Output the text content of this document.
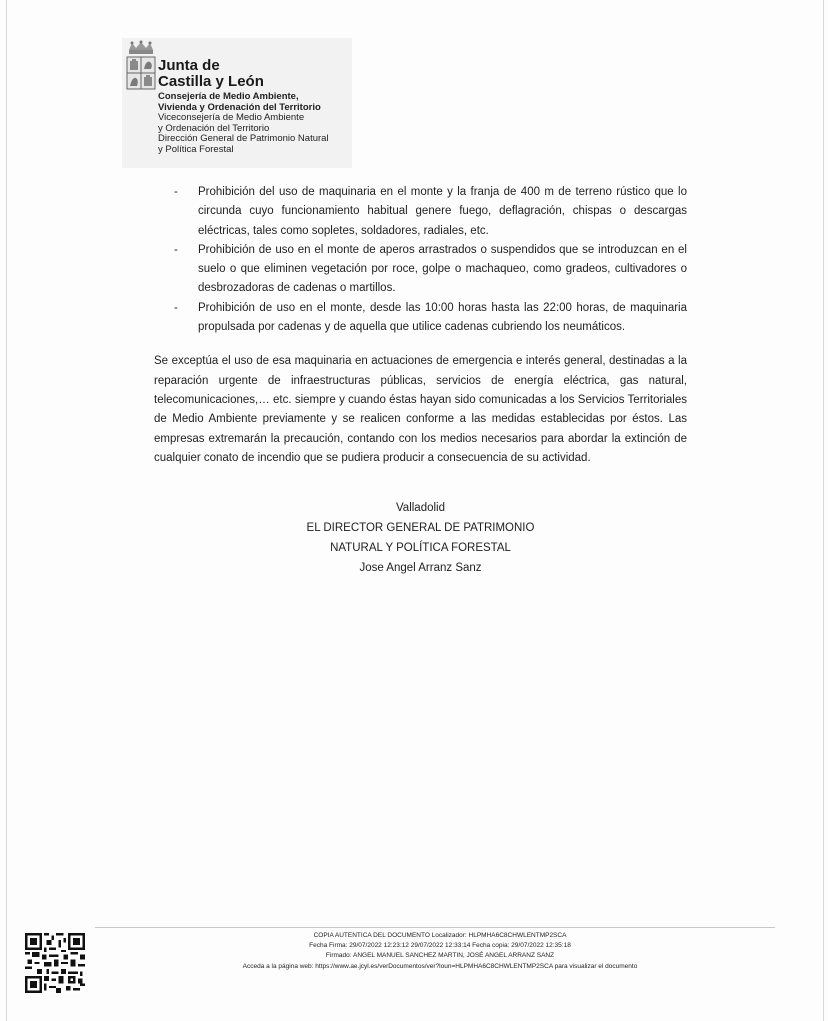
Junta de
Castilla y León
Consejería de Medio Ambiente,
Vivienda y Ordenación del Territorio
Viceconsejería de Medio Ambiente
y Ordenación del Territorio
Dirección General de Patrimonio Natural
y Política Forestal
- Prohibición del uso de maquinaria en el monte y la franja de 400 m de terreno rústico que lo circunda cuyo funcionamiento habitual genere fuego, deflagración, chispas o descargas eléctricas, tales como sopletes, soldadores, radiales, etc.
- Prohibición de uso en el monte de aperos arrastrados o suspendidos que se introduzcan en el suelo o que eliminen vegetación por roce, golpe o machaqueo, como gradeos, cultivadores o desbrozadoras de cadenas o martillos.
- Prohibición de uso en el monte, desde las 10:00 horas hasta las 22:00 horas, de maquinaria propulsada por cadenas y de aquella que utilice cadenas cubriendo los neumáticos.

Se exceptúa el uso de esa maquinaria en actuaciones de emergencia e interés general, destinadas a la reparación urgente de infraestructuras públicas, servicios de energía eléctrica, gas natural, telecomunicaciones,… etc. siempre y cuando éstas hayan sido comunicadas a los Servicios Territoriales de Medio Ambiente previamente y se realicen conforme a las medidas establecidas por éstos. Las empresas extremarán la precaución, contando con los medios necesarios para abordar la extinción de cualquier conato de incendio que se pudiera producir a consecuencia de su actividad.

Valladolid
EL DIRECTOR GENERAL DE PATRIMONIO
NATURAL Y POLÍTICA FORESTAL
Jose Angel Arranz Sanz
COPIA AUTENTICA DEL DOCUMENTO Localizador: HLPMHA6C8CHWLENTMP2SCA
Fecha Firma: 29/07/2022 12:23:12 29/07/2022 12:33:14 Fecha copia: 29/07/2022 12:35:18
Firmado: ANGEL MANUEL SANCHEZ MARTIN, JOSÉ ANGEL ARRANZ SANZ
Acceda a la página web: https://www.ae.jcyl.es/verDocumentos/ver?loun=HLPMHA6C8CHWLENTMP2SCA para visualizar el documento
